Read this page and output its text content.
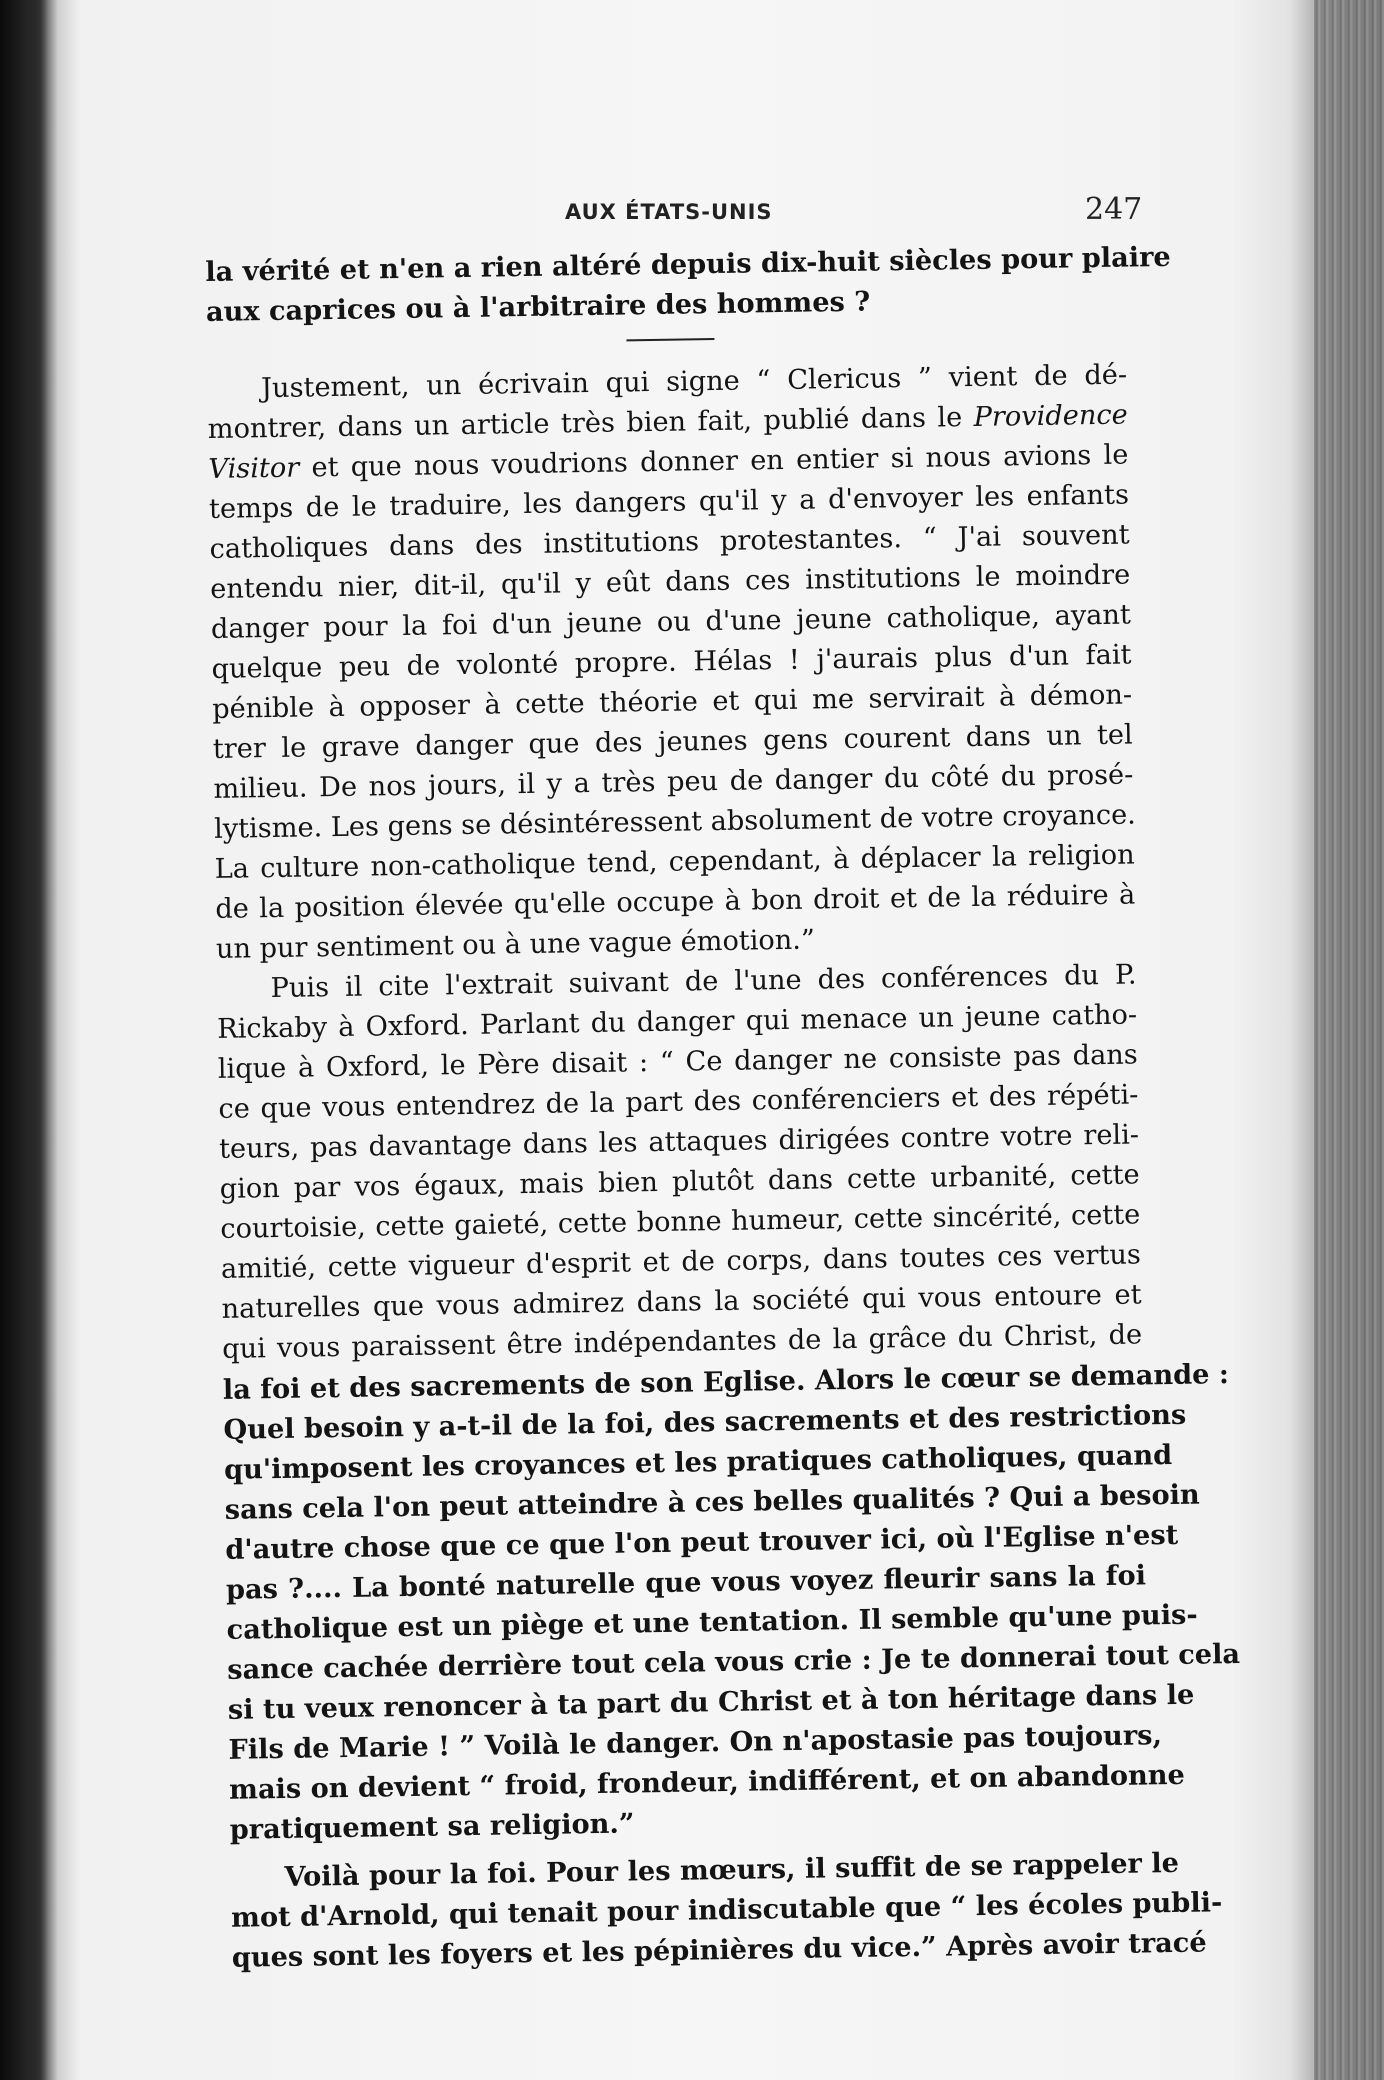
AUX ÉTATS-UNIS	247

la vérité et n'en a rien altéré depuis dix-huit siècles pour plaire
aux caprices ou à l'arbitraire des hommes ?

Justement, un écrivain qui signe “ Clericus ” vient de dé-
montrer, dans un article très bien fait, publié dans le Providence
Visitor et que nous voudrions donner en entier si nous avions le
temps de le traduire, les dangers qu'il y a d'envoyer les enfants
catholiques dans des institutions protestantes. “ J'ai souvent
entendu nier, dit-il, qu'il y eût dans ces institutions le moindre
danger pour la foi d'un jeune ou d'une jeune catholique, ayant
quelque peu de volonté propre. Hélas ! j'aurais plus d'un fait
pénible à opposer à cette théorie et qui me servirait à démon-
trer le grave danger que des jeunes gens courent dans un tel
milieu. De nos jours, il y a très peu de danger du côté du prosé-
lytisme. Les gens se désintéressent absolument de votre croyance.
La culture non-catholique tend, cependant, à déplacer la religion
de la position élevée qu'elle occupe à bon droit et de la réduire à
un pur sentiment ou à une vague émotion.”

Puis il cite l'extrait suivant de l'une des conférences du P.
Rickaby à Oxford. Parlant du danger qui menace un jeune catho-
lique à Oxford, le Père disait : “ Ce danger ne consiste pas dans
ce que vous entendrez de la part des conférenciers et des répéti-
teurs, pas davantage dans les attaques dirigées contre votre reli-
gion par vos égaux, mais bien plutôt dans cette urbanité, cette
courtoisie, cette gaieté, cette bonne humeur, cette sincérité, cette
amitié, cette vigueur d'esprit et de corps, dans toutes ces vertus
naturelles que vous admirez dans la société qui vous entoure et
qui vous paraissent être indépendantes de la grâce du Christ, de

la foi et des sacrements de son Eglise. Alors le cœur se demande :
Quel besoin y a-t-il de la foi, des sacrements et des restrictions
qu'imposent les croyances et les pratiques catholiques, quand
sans cela l'on peut atteindre à ces belles qualités ? Qui a besoin
d'autre chose que ce que l'on peut trouver ici, où l'Eglise n'est
pas ?.... La bonté naturelle que vous voyez fleurir sans la foi
catholique est un piège et une tentation. Il semble qu'une puis-
sance cachée derrière tout cela vous crie : Je te donnerai tout cela
si tu veux renoncer à ta part du Christ et à ton héritage dans le
Fils de Marie ! ” Voilà le danger. On n'apostasie pas toujours,
mais on devient “ froid, frondeur, indifférent, et on abandonne
pratiquement sa religion.”

Voilà pour la foi. Pour les mœurs, il suffit de se rappeler le
mot d'Arnold, qui tenait pour indiscutable que “ les écoles publi-
ques sont les foyers et les pépinières du vice.” Après avoir tracé
